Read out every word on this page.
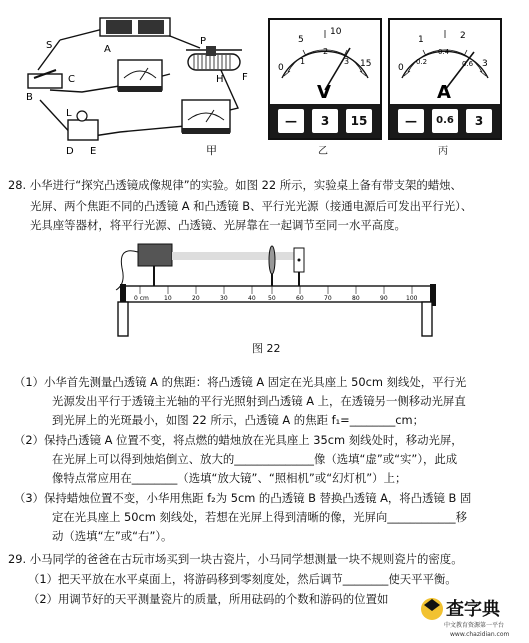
S	A
P
H F
B
C
D E
L
甲
0
5
10
15
1
2
3
V
—	3	15
乙
0
1	2
3
0.2
0.4
0.6
A
—	0.6	3
丙
28. 小华进行“探究凸透镜成像规律”的实验。如图 22 所示，实验桌上备有带支架的蜡烛、
光屏、两个焦距不同的凸透镜 A 和凸透镜 B、平行光光源（接通电源后可发出平行光）、
光具座等器材，将平行光源、凸透镜、光屏靠在一起调节至同一水平高度。
0 cm	10	20	30	40 50	60	70	80	90	100
图 22
（1）小华首先测量凸透镜 A 的焦距：将凸透镜 A 固定在光具座上 50cm 刻线处，平行光
光源发出平行于透镜主光轴的平行光照射到凸透镜 A 上，在透镜另一侧移动光屏直
到光屏上的光斑最小，如图 22 所示，凸透镜 A 的焦距 f₁=________cm；
（2）保持凸透镜 A 位置不变，将点燃的蜡烛放在光具座上 35cm 刻线处时，移动光屏，
在光屏上可以得到烛焰倒立、放大的______________像（选填“虚”或“实”），此成
像特点常应用在________（选填“放大镜”、“照相机”或“幻灯机”）上；
（3）保持蜡烛位置不变，小华用焦距 f₂为 5cm 的凸透镜 B 替换凸透镜 A，将凸透镜 B 固
定在光具座上 50cm 刻线处，若想在光屏上得到清晰的像，光屏向____________移
动（选填“左”或“右”）。
29. 小马同学的爸爸在古玩市场买到一块古瓷片，小马同学想测量一块不规则瓷片的密度。
（1）把天平放在水平桌面上，将游码移到零刻度处，然后调节________使天平平衡。
（2）用调节好的天平测量瓷片的质量，所用砝码的个数和游码的位置如	查字典
中文教育资源第一平台
www.chazidian.com
